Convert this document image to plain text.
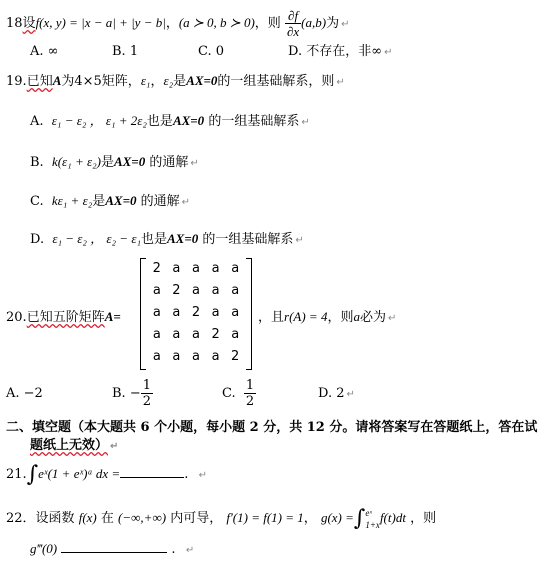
18设f(x, y) = |x − a| + |y − b|，(a ≻ 0, b ≻ 0)，则 $\frac{\partial f}{\partial x} (a,b)$为 ↵
A. ∞	B. 1	C. 0	D. 不存在，非∞ ↵
19.已知A为4×5矩阵，ε₁，ε₂是AX=0的一组基础解系，则 ↵
A. ε₁ − ε₂ ， ε₁ + 2ε₂也是AX=0 的一组基础解系 ↵
B. k(ε₁ + ε₂)是AX=0 的通解 ↵
C. kε₁ + ε₂是AX=0 的通解 ↵
D. ε₁ − ε₂ ， ε₂ − ε₁也是AX=0 的一组基础解系 ↵
20.已知五阶矩阵A=
2 a a a a
a 2 a a a
a a 2 a a
a a a 2 a
a a a a 2
，且r(A) = 4，则a必为 ↵
A. −2	B. − $\frac{1}{2}$	C. $\frac{1}{2}$	D. 2 ↵
二、填空题（本大题共 6 个小题，每小题 2 分，共 12 分。请将答案写在答题纸上，答在试
题纸上无效） ↵
21.∫eˣ(1 + eˣ)ᵃ dx =	. ↵
22．设函数 f(x) 在 (−∞,+∞) 内可导， f′(1) = f(1) = 1， g(x) =∫ eˣ
1+x f(t)dt ，则
g‴(0)	. ↵
